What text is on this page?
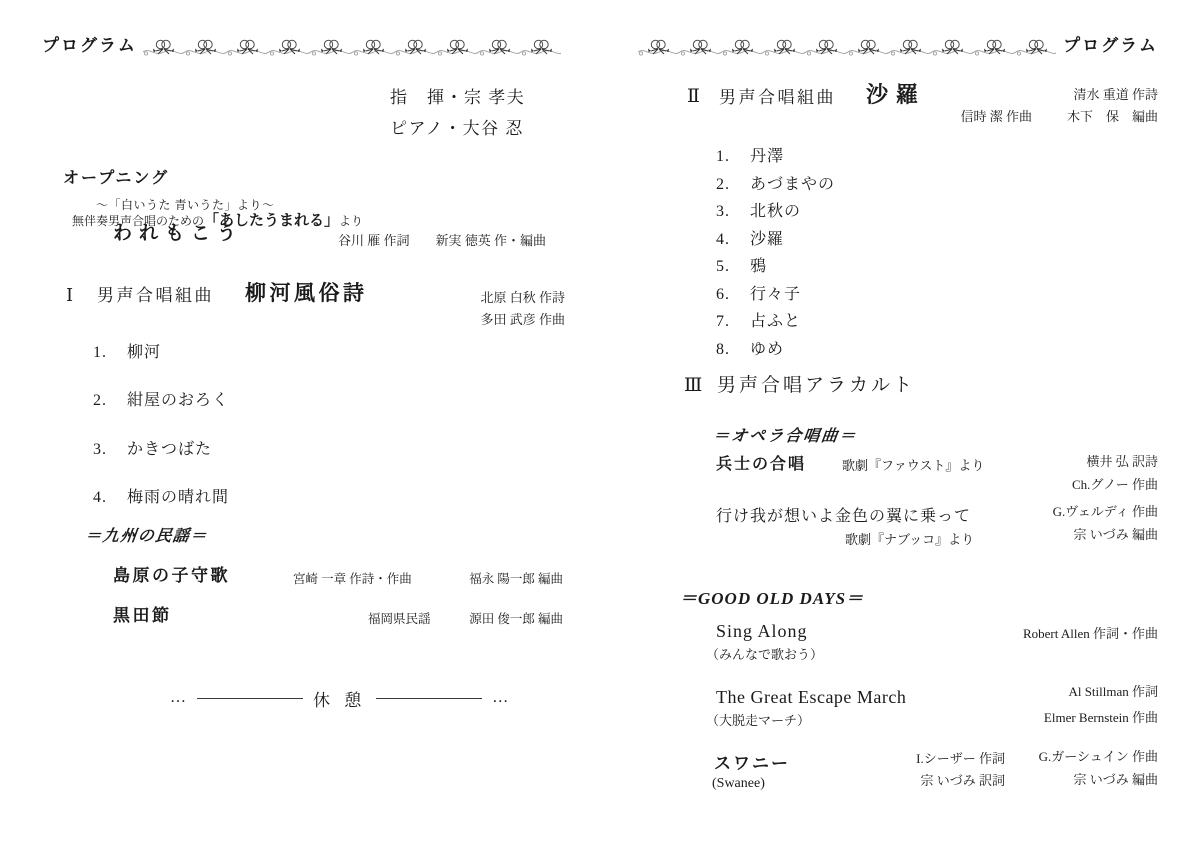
プログラム
指　揮・宗 孝夫
ピアノ・大谷 忍
オープニング
～「白いうた 青いうた」より～
無伴奏男声合唱のための「あしたうまれる」より
われもこう	谷川 雁 作詞　　新実 徳英 作・編曲
Ⅰ 男声合唱組曲 柳河風俗詩	北原 白秋 作詩
多田 武彦 作曲
1. 柳河
2. 紺屋のおろく
3. かきつばた
4. 梅雨の晴れ間
＝九州の民謡＝
島原の子守歌	宮崎 一章 作詩・作曲	福永 陽一郎 編曲
黒田節	福岡県民謡	源田 俊一郎 編曲
…	休 憩	…
プログラム
Ⅱ 男声合唱組曲 沙羅	清水 重道 作詩
信時 潔 作曲	木下　保　編曲
1. 丹澤
2. あづまやの
3. 北秋の
4. 沙羅
5. 鴉
6. 行々子
7. 占ふと
8. ゆめ
Ⅲ 男声合唱アラカルト
＝オペラ合唱曲＝
兵士の合唱	歌劇『ファウスト』より	横井 弘 訳詩
Ch.グノー 作曲
行け我が想いよ金色の翼に乗って
歌劇『ナブッコ』より
G.ヴェルディ 作曲
宗 いづみ 編曲
＝GOOD OLD DAYS＝
Sing Along
（みんなで歌おう）
Robert Allen 作詞・作曲
The Great Escape March
（大脱走マーチ）
Al Stillman 作詞
Elmer Bernstein 作曲
スワニー
(Swanee)
I.シーザー 作詞
宗 いづみ 訳詞
G.ガーシュイン 作曲
宗 いづみ 編曲
